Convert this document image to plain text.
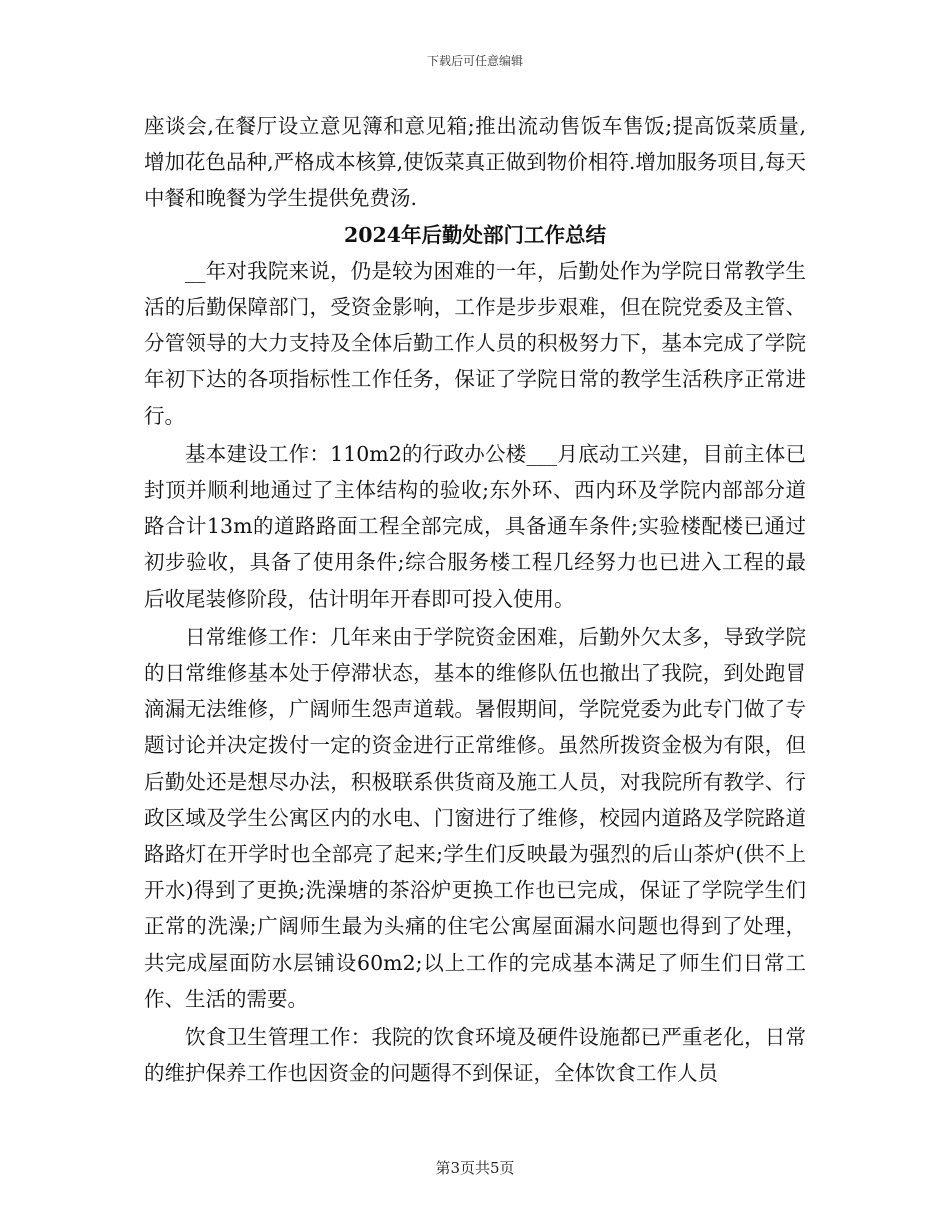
下载后可任意编辑

座谈会,在餐厅设立意见簿和意见箱;推出流动售饭车售饭;提高饭菜质量,增加花色品种,严格成本核算,使饭菜真正做到物价相符.增加服务项目,每天中餐和晚餐为学生提供免费汤.

2024年后勤处部门工作总结

__年对我院来说，仍是较为困难的一年，后勤处作为学院日常教学生活的后勤保障部门，受资金影响，工作是步步艰难，但在院党委及主管、分管领导的大力支持及全体后勤工作人员的积极努力下，基本完成了学院年初下达的各项指标性工作任务，保证了学院日常的教学生活秩序正常进行。

基本建设工作：110m2的行政办公楼___月底动工兴建，目前主体已封顶并顺利地通过了主体结构的验收;东外环、西内环及学院内部部分道路合计13m的道路路面工程全部完成，具备通车条件;实验楼配楼已通过初步验收，具备了使用条件;综合服务楼工程几经努力也已进入工程的最后收尾装修阶段，估计明年开春即可投入使用。

日常维修工作：几年来由于学院资金困难，后勤外欠太多，导致学院的日常维修基本处于停滞状态，基本的维修队伍也撤出了我院，到处跑冒滴漏无法维修，广阔师生怨声道载。暑假期间，学院党委为此专门做了专题讨论并决定拨付一定的资金进行正常维修。虽然所拨资金极为有限，但后勤处还是想尽办法，积极联系供货商及施工人员，对我院所有教学、行政区域及学生公寓区内的水电、门窗进行了维修，校园内道路及学院路道路路灯在开学时也全部亮了起来;学生们反映最为强烈的后山茶炉(供不上开水)得到了更换;洗澡塘的茶浴炉更换工作也已完成，保证了学院学生们正常的洗澡;广阔师生最为头痛的住宅公寓屋面漏水问题也得到了处理，共完成屋面防水层铺设60m2;以上工作的完成基本满足了师生们日常工作、生活的需要。

饮食卫生管理工作：我院的饮食环境及硬件设施都已严重老化，日常的维护保养工作也因资金的问题得不到保证，全体饮食工作人员

第3页共5页
